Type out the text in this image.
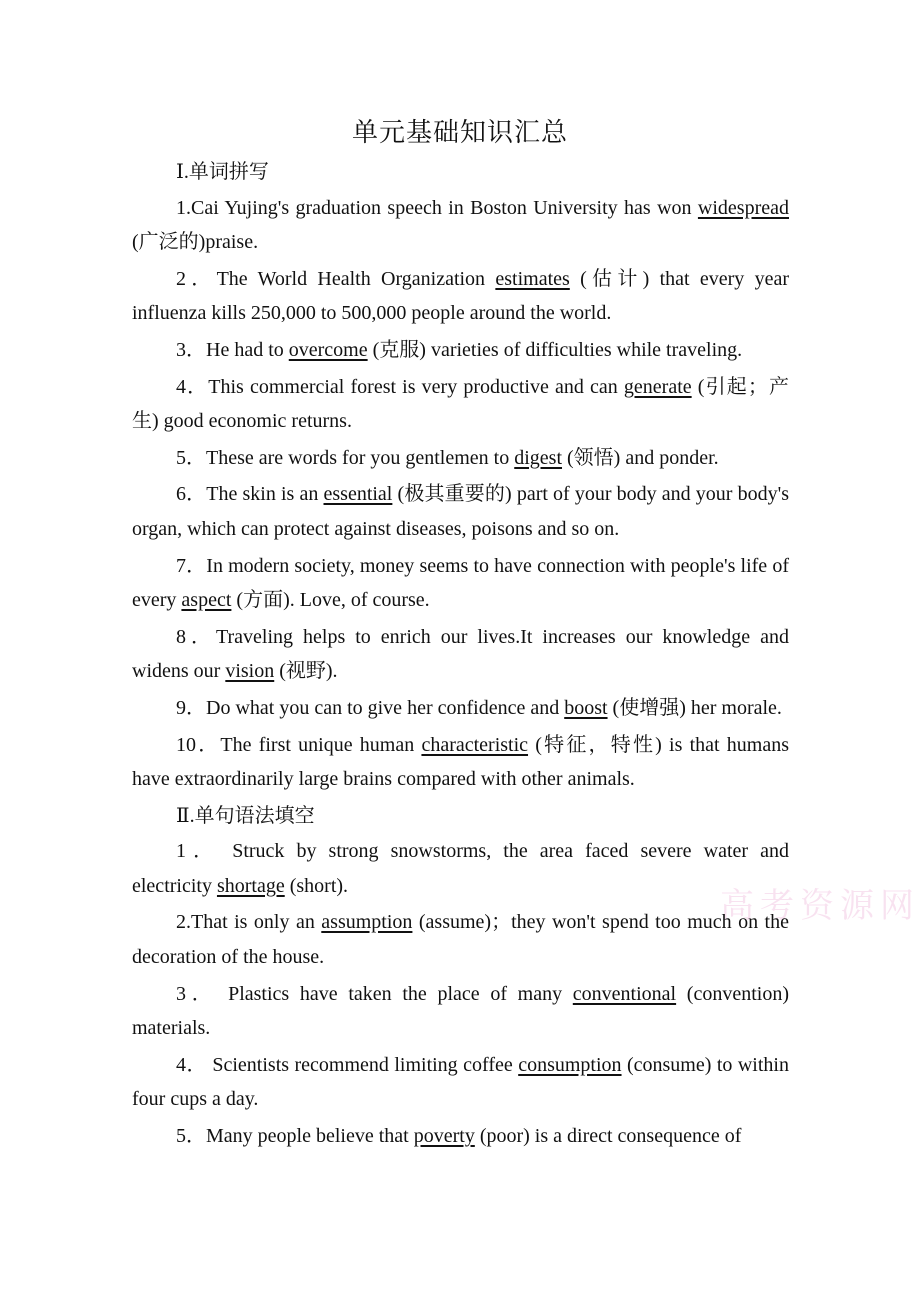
单元基础知识汇总
高考资源网
Ⅰ.单词拼写

1.Cai Yujing's graduation speech in Boston University has won widespread (广泛的)praise.

2．The World Health Organization estimates (估计) that every year influenza kills 250,000 to 500,000 people around the world.

3．He had to overcome (克服) varieties of difficulties while traveling.

4．This commercial forest is very productive and can generate (引起；产生) good economic returns.

5．These are words for you gentlemen to digest (领悟) and ponder.

6．The skin is an essential (极其重要的) part of your body and your body's organ, which can protect against diseases, poisons and so on.

7．In modern society, money seems to have connection with people's life of every aspect (方面). Love, of course.

8．Traveling helps to enrich our lives.It increases our knowledge and widens our vision (视野).

9．Do what you can to give her confidence and boost (使增强) her morale.

10．The first unique human characteristic (特征，特性) is that humans have extraordinarily large brains compared with other animals.

Ⅱ.单句语法填空

1． Struck by strong snowstorms, the area faced severe water and electricity shortage (short).

2.That is only an assumption (assume)；they won't spend too much on the decoration of the house.

3． Plastics have taken the place of many conventional (convention) materials.

4． Scientists recommend limiting coffee consumption (consume) to within four cups a day.

5．Many people believe that poverty (poor) is a direct consequence of
